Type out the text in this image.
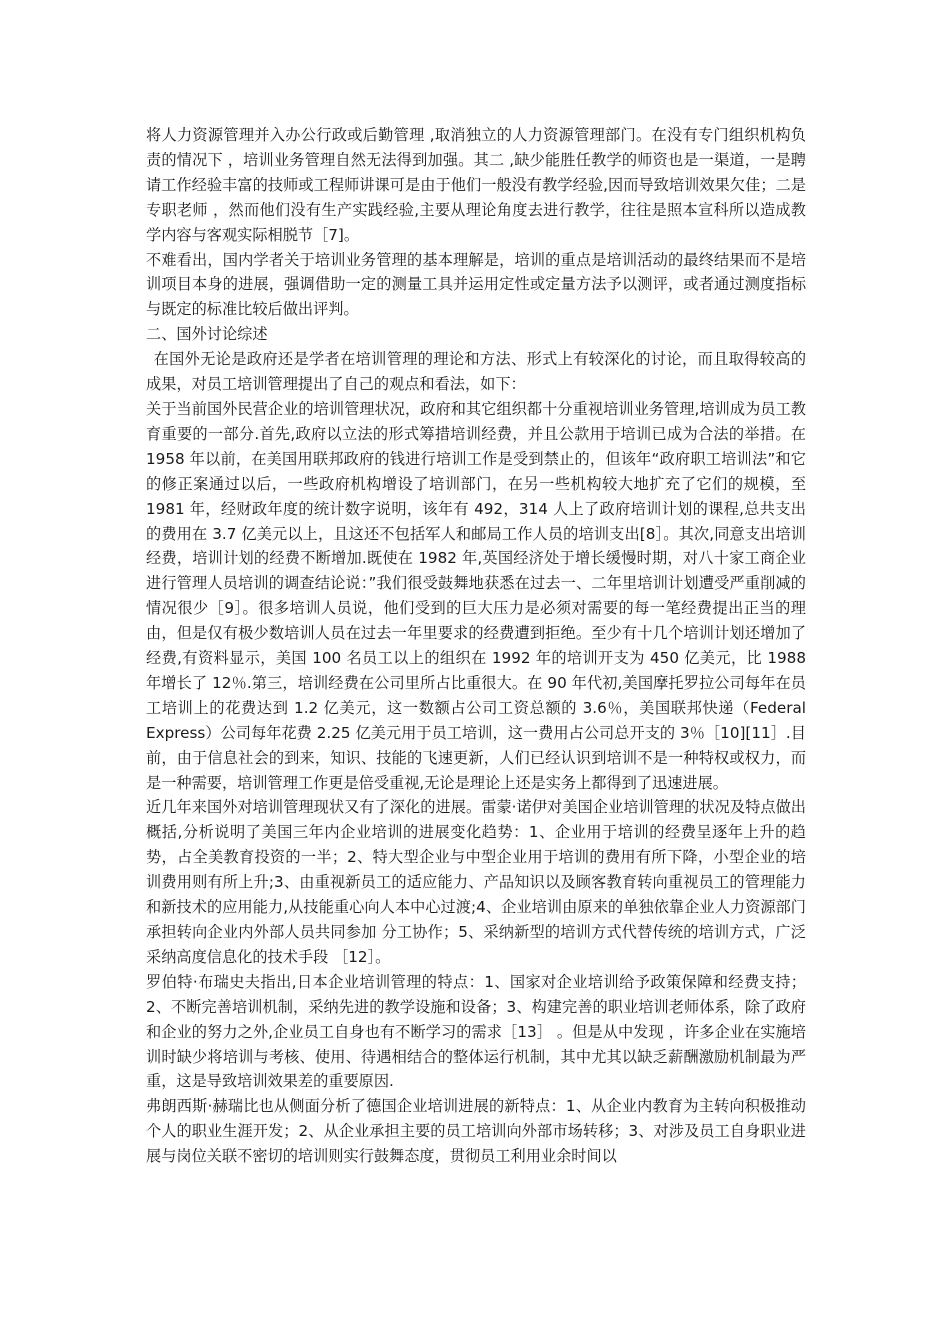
将人力资源管理并入办公行政或后勤管理 ,取消独立的人力资源管理部门。在没有专门组织机构负责的情况下 ，培训业务管理自然无法得到加强。其二 ,缺少能胜任教学的师资也是一渠道，一是聘请工作经验丰富的技师或工程师讲课可是由于他们一般没有教学经验,因而导致培训效果欠佳；二是专职老师 ，然而他们没有生产实践经验,主要从理论角度去进行教学，往往是照本宣科所以造成教学内容与客观实际相脱节［7]。

不难看出，国内学者关于培训业务管理的基本理解是，培训的重点是培训活动的最终结果而不是培训项目本身的进展，强调借助一定的测量工具并运用定性或定量方法予以测评，或者通过测度指标与既定的标准比较后做出评判。

二、国外讨论综述

在国外无论是政府还是学者在培训管理的理论和方法、形式上有较深化的讨论，而且取得较高的成果，对员工培训管理提出了自己的观点和看法，如下：

关于当前国外民营企业的培训管理状况，政府和其它组织都十分重视培训业务管理,培训成为员工教育重要的一部分.首先,政府以立法的形式筹措培训经费，并且公款用于培训已成为合法的举措。在 1958 年以前，在美国用联邦政府的钱进行培训工作是受到禁止的，但该年“政府职工培训法”和它的修正案通过以后，一些政府机构增设了培训部门，在另一些机构较大地扩充了它们的规模，至 1981 年，经财政年度的统计数字说明，该年有 492，314 人上了政府培训计划的课程,总共支出的费用在 3.7 亿美元以上，且这还不包括军人和邮局工作人员的培训支出[8］。其次,同意支出培训经费，培训计划的经费不断增加.既使在 1982 年,英国经济处于增长缓慢时期，对八十家工商企业进行管理人员培训的调查结论说：”我们很受鼓舞地获悉在过去一、二年里培训计划遭受严重削减的情况很少［9］。很多培训人员说，他们受到的巨大压力是必须对需要的每一笔经费提出正当的理由，但是仅有极少数培训人员在过去一年里要求的经费遭到拒绝。至少有十几个培训计划还增加了经费,有资料显示，美国 100 名员工以上的组织在 1992 年的培训开支为 450 亿美元，比 1988 年增长了 12％.第三，培训经费在公司里所占比重很大。在 90 年代初,美国摩托罗拉公司每年在员工培训上的花费达到 1.2 亿美元，这一数额占公司工资总额的 3.6％，美国联邦快递（Federal Express）公司每年花费 2.25 亿美元用于员工培训，这一费用占公司总开支的 3％［10][11］.目前，由于信息社会的到来，知识、技能的飞速更新，人们已经认识到培训不是一种特权或权力，而是一种需要，培训管理工作更是倍受重视,无论是理论上还是实务上都得到了迅速进展。

近几年来国外对培训管理现状又有了深化的进展。雷蒙·诺伊对美国企业培训管理的状况及特点做出概括,分析说明了美国三年内企业培训的进展变化趋势：1、企业用于培训的经费呈逐年上升的趋势，占全美教育投资的一半；2、特大型企业与中型企业用于培训的费用有所下降，小型企业的培训费用则有所上升;3、由重视新员工的适应能力、产品知识以及顾客教育转向重视员工的管理能力和新技术的应用能力,从技能重心向人本中心过渡;4、企业培训由原来的单独依靠企业人力资源部门承担转向企业内外部人员共同参加 分工协作；5、采纳新型的培训方式代替传统的培训方式，广泛采纳高度信息化的技术手段 ［12］。

罗伯特·布瑞史夫指出,日本企业培训管理的特点：1、国家对企业培训给予政策保障和经费支持；2、不断完善培训机制，采纳先进的教学设施和设备；3、构建完善的职业培训老师体系，除了政府和企业的努力之外,企业员工自身也有不断学习的需求［13］ 。但是从中发现 ，许多企业在实施培训时缺少将培训与考核、使用、待遇相结合的整体运行机制，其中尤其以缺乏薪酬激励机制最为严重，这是导致培训效果差的重要原因.

弗朗西斯·赫瑞比也从侧面分析了德国企业培训进展的新特点：1、从企业内教育为主转向积极推动个人的职业生涯开发；2、从企业承担主要的员工培训向外部市场转移；3、对涉及员工自身职业进展与岗位关联不密切的培训则实行鼓舞态度，贯彻员工利用业余时间以
